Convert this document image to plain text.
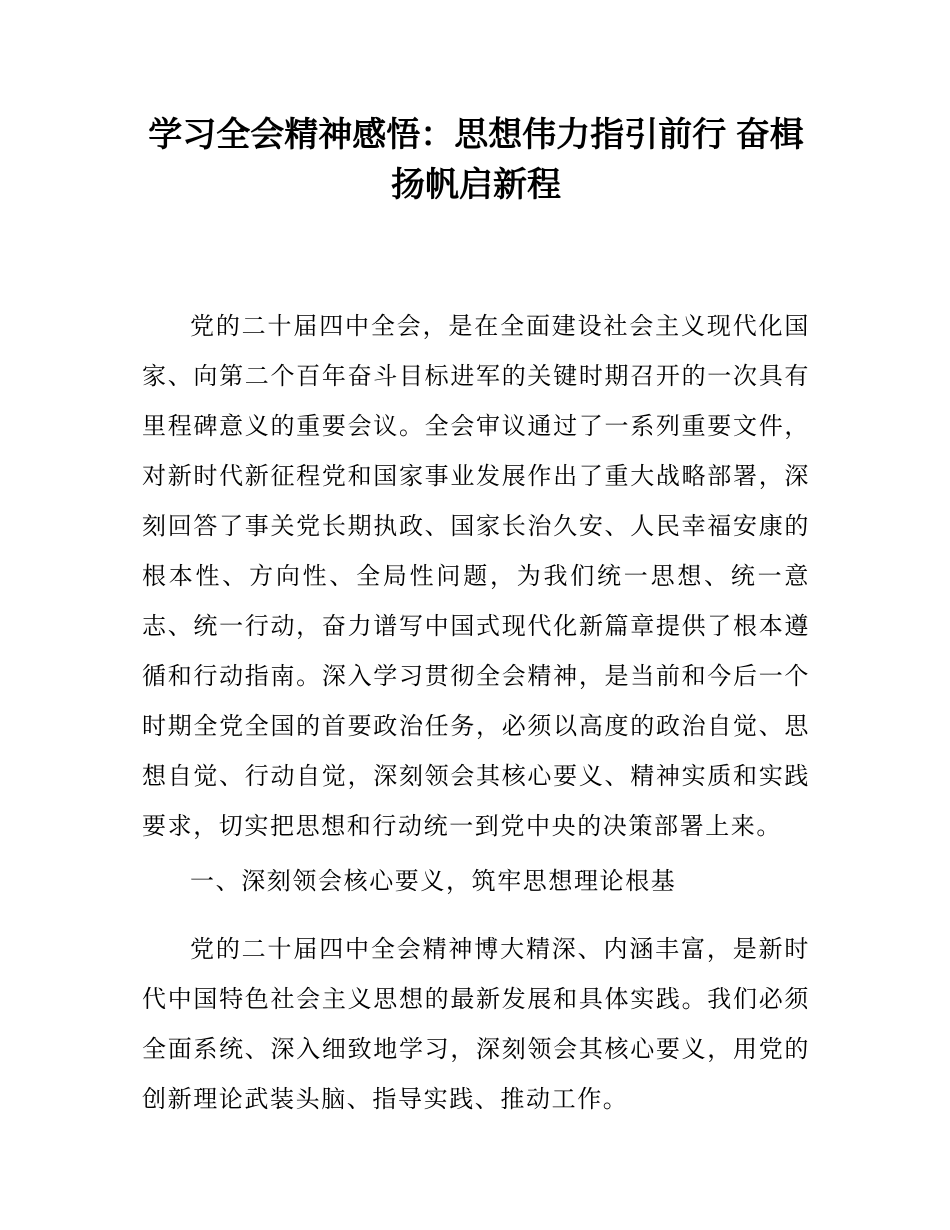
学习全会精神感悟：思想伟力指引前行 奋楫
扬帆启新程

党的二十届四中全会，是在全面建设社会主义现代化国家、向第二个百年奋斗目标进军的关键时期召开的一次具有里程碑意义的重要会议。全会审议通过了一系列重要文件，对新时代新征程党和国家事业发展作出了重大战略部署，深刻回答了事关党长期执政、国家长治久安、人民幸福安康的根本性、方向性、全局性问题，为我们统一思想、统一意志、统一行动，奋力谱写中国式现代化新篇章提供了根本遵循和行动指南。深入学习贯彻全会精神，是当前和今后一个时期全党全国的首要政治任务，必须以高度的政治自觉、思想自觉、行动自觉，深刻领会其核心要义、精神实质和实践要求，切实把思想和行动统一到党中央的决策部署上来。

一、深刻领会核心要义，筑牢思想理论根基

党的二十届四中全会精神博大精深、内涵丰富，是新时代中国特色社会主义思想的最新发展和具体实践。我们必须全面系统、深入细致地学习，深刻领会其核心要义，用党的创新理论武装头脑、指导实践、推动工作。
